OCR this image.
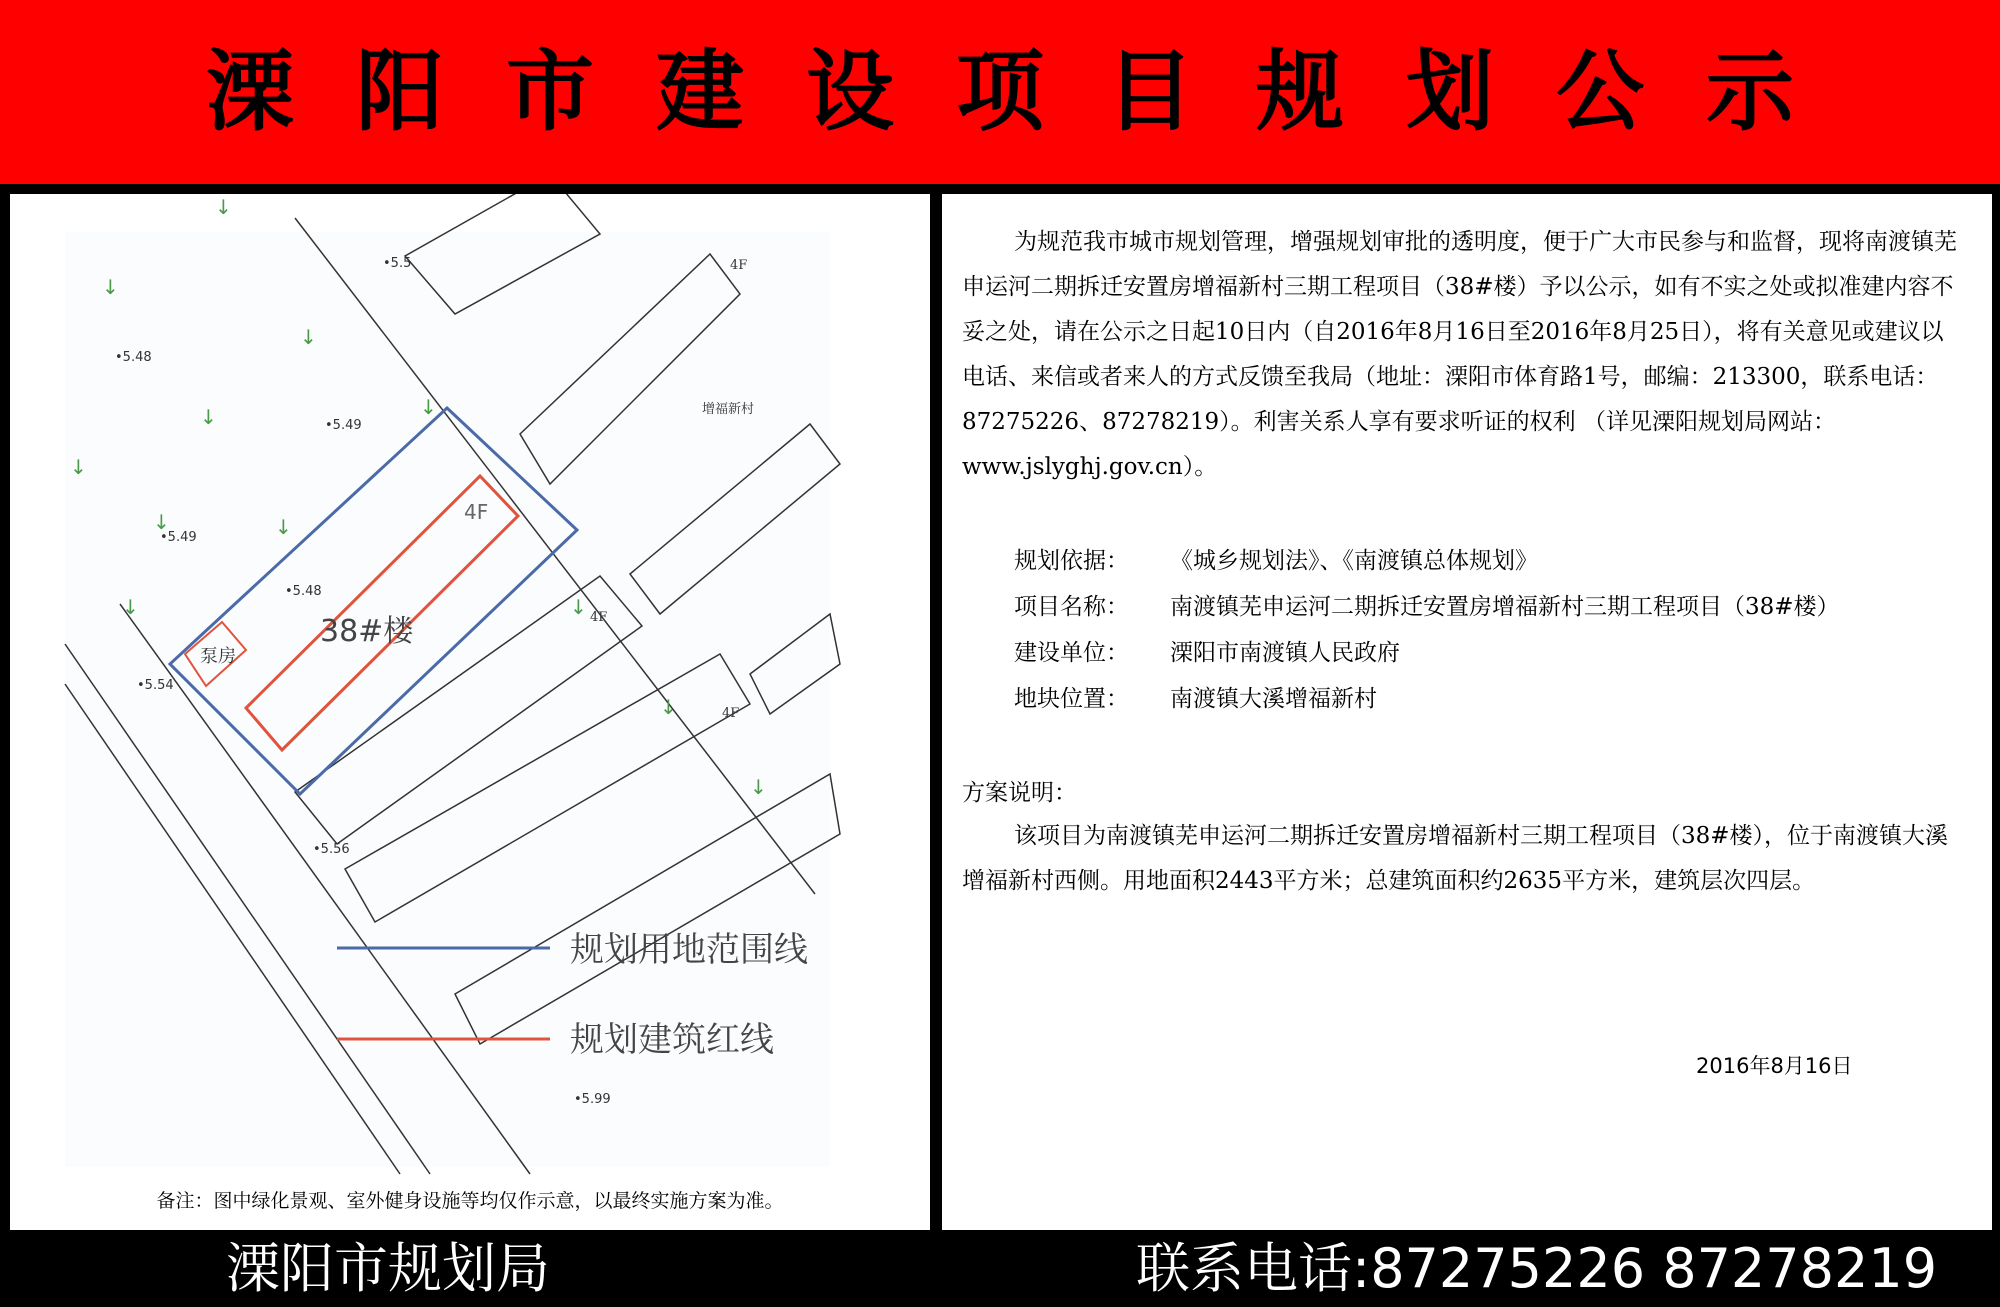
溧阳市建设项目规划公示
↓
↓
↓
↓
↓
↓	↓
↓
↓	↓
↓
↓
38#楼
4F
泵房
增福新村
4F
4F
4F
•5.5
•5.48
•5.49
•5.49
•5.48
•5.54
•5.56
•5.99
规划用地范围线
规划建筑红线
备注：图中绿化景观、室外健身设施等均仅作示意，以最终实施方案为准。

为规范我市城市规划管理，增强规划审批的透明度，便于广大市民参与和监督，现将南渡镇芜申运河二期拆迁安置房增福新村三期工程项目（38#楼）予以公示，如有不实之处或拟准建内容不妥之处，请在公示之日起10日内（自2016年8月16日至2016年8月25日），将有关意见或建议以电话、来信或者来人的方式反馈至我局（地址：溧阳市体育路1号，邮编：213300，联系电话：87275226、87278219）。利害关系人享有要求听证的权利 （详见溧阳规划局网站：www.jslyghj.gov.cn）。

规划依据： 《城乡规划法》、《南渡镇总体规划》
项目名称： 南渡镇芜申运河二期拆迁安置房增福新村三期工程项目（38#楼）
建设单位： 溧阳市南渡镇人民政府
地块位置： 南渡镇大溪增福新村
方案说明：

该项目为南渡镇芜申运河二期拆迁安置房增福新村三期工程项目（38#楼），位于南渡镇大溪增福新村西侧。用地面积2443平方米；总建筑面积约2635平方米，建筑层次四层。

2016年8月16日
溧阳市规划局	联系电话:87275226 87278219
